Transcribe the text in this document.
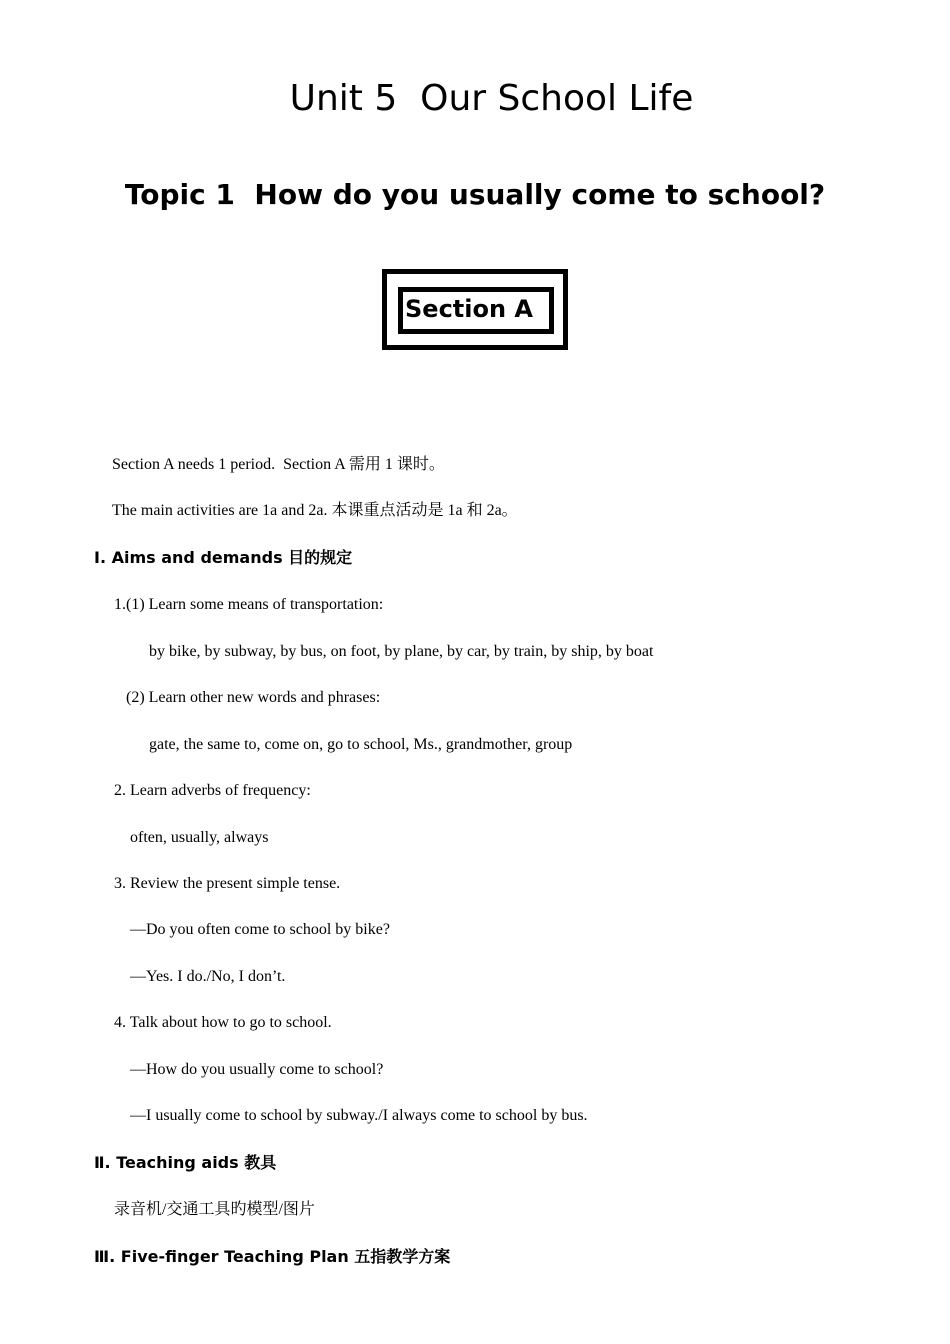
Unit 5  Our School Life
Topic 1  How do you usually come to school?
Section A
Section A needs 1 period.  Section A 需用 1 课时。
The main activities are 1a and 2a. 本课重点活动是 1a 和 2a。
Ⅰ. Aims and demands 目的规定
1.(1) Learn some means of transportation:
by bike, by subway, by bus, on foot, by plane, by car, by train, by ship, by boat
(2) Learn other new words and phrases:
gate, the same to, come on, go to school, Ms., grandmother, group
2. Learn adverbs of frequency:
often, usually, always
3. Review the present simple tense.
—Do you often come to school by bike?
—Yes. I do./No, I don’t.
4. Talk about how to go to school.
—How do you usually come to school?
—I usually come to school by subway./I always come to school by bus.
Ⅱ. Teaching aids 教具
录音机/交通工具旳模型/图片
Ⅲ. Five-finger Teaching Plan 五指教学方案
